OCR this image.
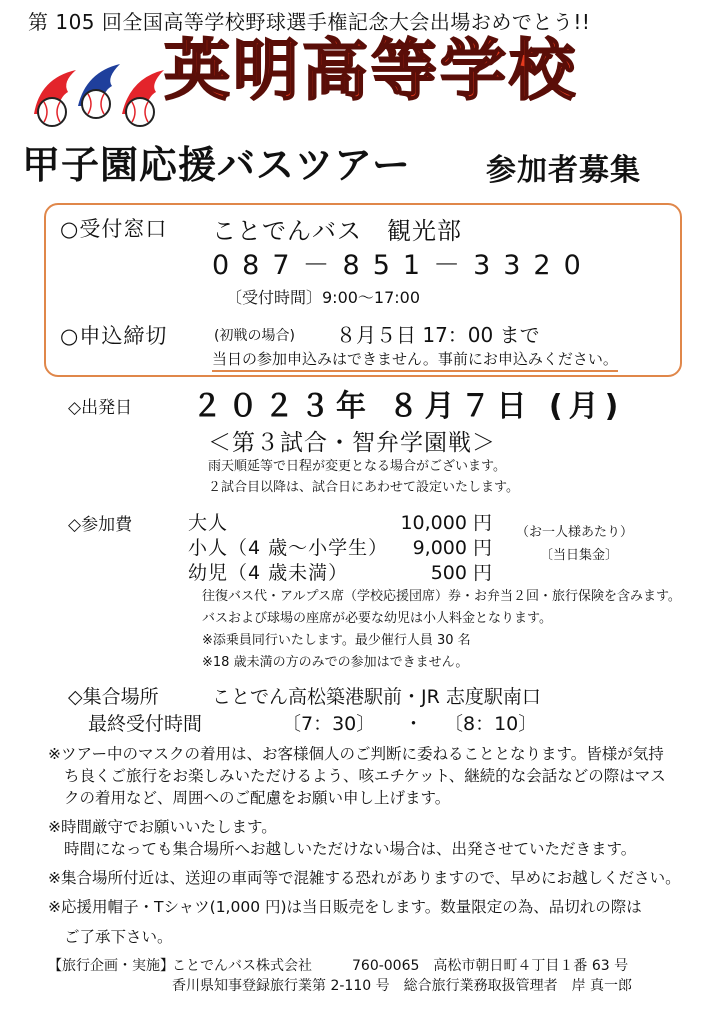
第 105 回全国高等学校野球選手権記念大会出場おめでとう!!
英明高等学校
甲子園応援バスツアー	参加者募集
○受付窓口 ことでんバス　観光部
087－851－3320
〔受付時間〕9:00～17:00
○申込締切	(初戦の場合) ８月５日 17：00 まで
当日の参加申込みはできません。事前にお申込みください。
◇出発日 ２０２３年 ８月７日 (月)
＜第３試合・智弁学園戦＞
雨天順延等で日程が変更となる場合がございます。
２試合目以降は、試合日にあわせて設定いたします。
◇参加費	大人	10,000 円
小人（4 歳～小学生）	9,000 円
幼児（4 歳未満）	500 円
（お一人様あたり）
〔当日集金〕
往復バス代・アルプス席（学校応援団席）券・お弁当２回・旅行保険を含みます。
バスおよび球場の座席が必要な幼児は小人料金となります。
※添乗員同行いたします。最少催行人員 30 名
※18 歳未満の方のみでの参加はできません。
◇集合場所	ことでん高松築港駅前・JR 志度駅南口
最終受付時間	〔7：30〕 ・ 〔8：10〕
※ツアー中のマスクの着用は、お客様個人のご判断に委ねることとなります。皆様が気持
ち良くご旅行をお楽しみいただけるよう、咳エチケット、継続的な会話などの際はマス
クの着用など、周囲へのご配慮をお願い申し上げます。
※時間厳守でお願いいたします。
時間になっても集合場所へお越しいただけない場合は、出発させていただきます。
※集合場所付近は、送迎の車両等で混雑する恐れがありますので、早めにお越しください。
※応援用帽子・Tシャツ(1,000 円)は当日販売をします。数量限定の為、品切れの際は
ご了承下さい。
【旅行企画・実施】
ことでんバス株式会社	760-0065　高松市朝日町４丁目１番 63 号
香川県知事登録旅行業第 2-110 号　総合旅行業務取扱管理者　岸 真一郎
